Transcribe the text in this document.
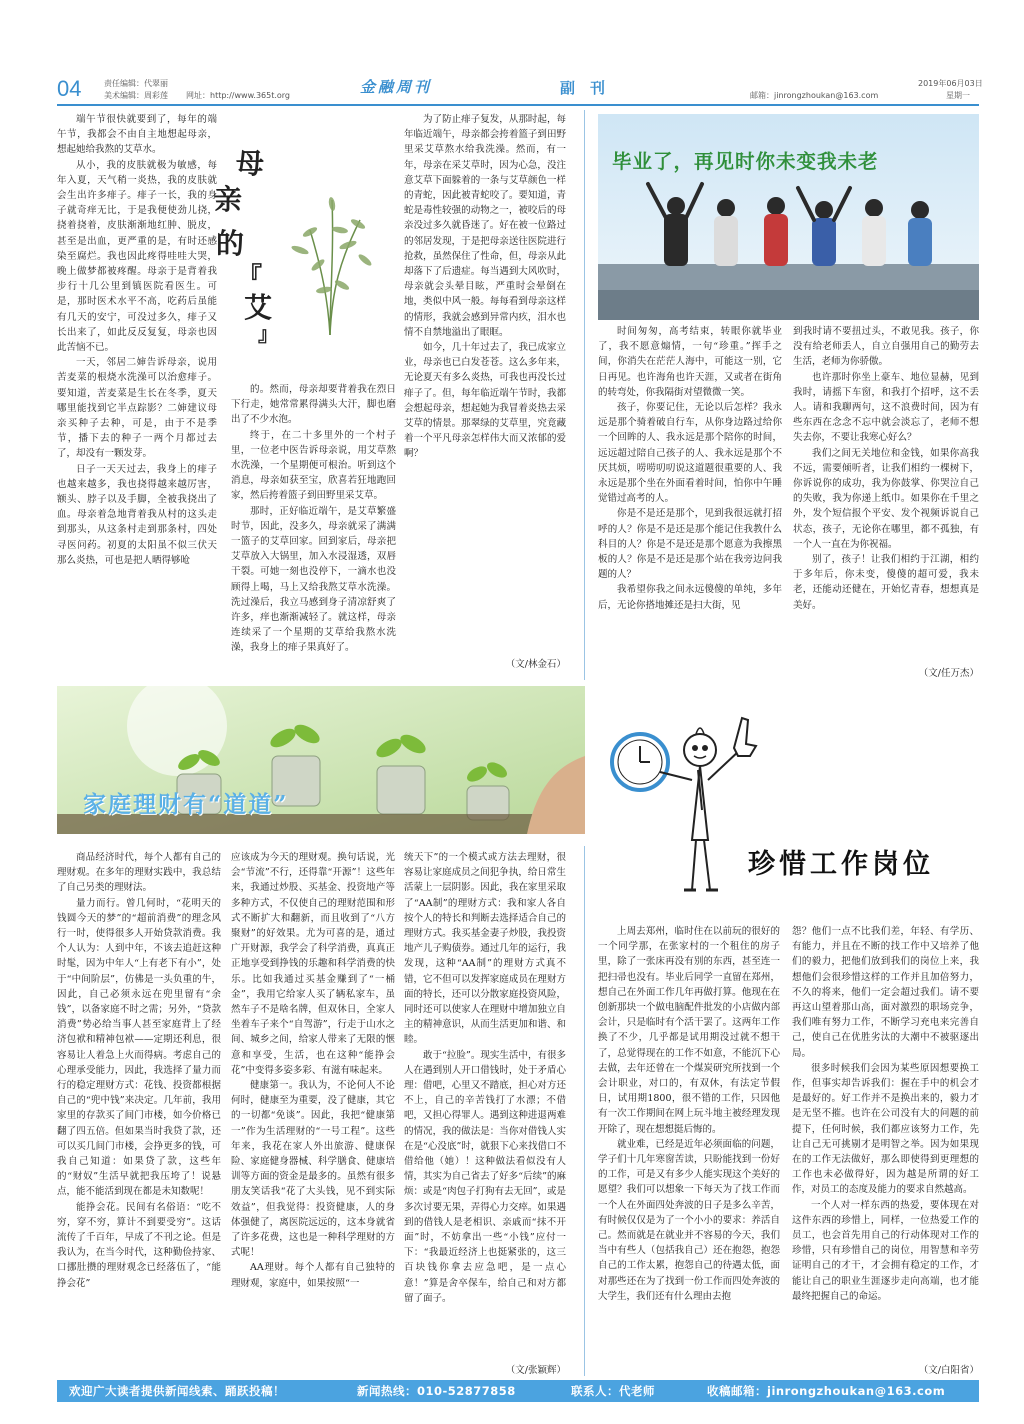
04	责任编辑：代翠丽
美术编辑：周彩莲 网址：http://www.365t.org	金融周刊	副　刊	邮箱：jinrongzhoukan@163.com
2019年06月03日
星期一
母
亲
的
『
艾
』

端午节很快就要到了，每年的端午节，我都会不由自主地想起母亲，想起她给我熬的艾草水。

从小，我的皮肤就极为敏感，每年入夏，天气稍一炎热，我的皮肤就会生出许多痱子。痱子一长，我的身子就奇痒无比，于是我便使劲儿挠，挠着挠着，皮肤渐渐地红肿、脱皮，甚至是出血，更严重的是，有时还感染至腐烂。我也因此疼得哇哇大哭，晚上做梦都被疼醒。母亲于是背着我步行十几公里到镇医院看医生。可是，那时医术水平不高，吃药后虽能有几天的安宁，可没过多久，痱子又长出来了，如此反反复复，母亲也因此苦恼不已。

一天，邻居二婶告诉母亲，说用苦麦菜的根烧水洗澡可以治愈痱子。要知道，苦麦菜是生长在冬季，夏天哪里能找到它半点踪影？二婶建议母亲买种子去种，可是，由于不是季节，播下去的种子一两个月都过去了，却没有一颗发芽。

日子一天天过去，我身上的痱子也越来越多，我也挠得越来越厉害，额头、脖子以及手脚，全被我挠出了血。母亲着急地背着我从村的这头走到那头，从这条村走到那条村，四处寻医问药。初夏的太阳虽不似三伏天那么炎热，可也是把人晒得够呛

的。然而，母亲却要背着我在烈日下行走，她常常累得满头大汗，脚也磨出了不少水泡。

终于，在二十多里外的一个村子里，一位老中医告诉母亲说，用艾草熬水洗澡，一个星期便可根治。听到这个消息，母亲如获至宝，欣喜若狂地跑回家，然后挎着篮子到田野里采艾草。

那时，正好临近端午，是艾草繁盛时节，因此，没多久，母亲就采了满满一篮子的艾草回家。回到家后，母亲把艾草放入大锅里，加入水浸湿透，双唇干裂。可她一刻也没停下，一滴水也没顾得上喝，马上又给我熬艾草水洗澡。洗过澡后，我立马感到身子清凉舒爽了许多，痒也渐渐减轻了。就这样，母亲连续采了一个星期的艾草给我熬水洗澡，我身上的痱子果真好了。

为了防止痱子复发，从那时起，每年临近端午，母亲都会挎着篮子到田野里采艾草熬水给我洗澡。然而，有一年，母亲在采艾草时，因为心急，没注意艾草下面躲着的一条与艾草颜色一样的青蛇，因此被青蛇咬了。要知道，青蛇是毒性较强的动物之一，被咬后的母亲没过多久就昏迷了。好在被一位路过的邻居发现，于是把母亲送往医院进行抢救，虽然保住了性命，但，母亲从此却落下了后遗症。每当遇到大风吹时，母亲就会头晕目眩，严重时会晕倒在地，类似中风一般。每每看到母亲这样的情形，我就会感到异常内疚，泪水也情不自禁地溢出了眼眶。

如今，几十年过去了，我已成家立业，母亲也已白发苍苍。这么多年来，无论夏天有多么炎热，可我也再没长过痱子了。但，每年临近端午节时，我都会想起母亲，想起她为我冒着炎热去采艾草的情景。那翠绿的艾草里，究竟藏着一个平凡母亲怎样伟大而又浓郁的爱啊？

（文/林金石）
毕业了，再见时你未变我未老

时间匆匆，高考结束，转眼你就毕业了，我不愿意煽情，一句“珍重。”挥手之间，你消失在茫茫人海中，可能这一别，它日再见。也许海角也许天涯，又或者在街角的转弯处，你我隔街对望微微一笑。

孩子，你要记住，无论以后怎样？我永远是那个骑着破自行车，从你身边路过给你一个回眸的人、我永远是那个陪你的时间，远远超过陪自己孩子的人、我永远是那个不厌其烦，唠唠叨叨说这道题很重要的人、我永远是那个坐在外面看着时间，怕你中午睡觉错过高考的人。

你是不是还是那个，见到我很远就打招呼的人？你是不是还是那个能记住我教什么科目的人？你是不是还是那个愿意为我擦黑板的人？你是不是还是那个站在我旁边问我题的人？

我希望你我之间永远傻傻的单纯，多年后，无论你搭地摊还是扫大街，见

到我时请不要扭过头，不敢见我。孩子，你没有给老师丢人，自立自强用自己的勤劳去生活，老师为你骄傲。

也许那时你坐上豪车、地位显赫，见到我时，请摇下车窗，和我打个招呼，这不丢人。请和我聊两句，这不浪费时间，因为有些东西在念念不忘中就会淡忘了，老师不想失去你，不要让我寒心好么？

我们之间无关地位和金钱，如果你高我不远，需要倾听者，让我们相约一棵树下，你诉说你的成功，我为你鼓掌、你哭泣自己的失败，我为你递上纸巾。如果你在千里之外，发个短信报个平安、发个视频诉说自己状态，孩子，无论你在哪里，都不孤独，有一个人一直在为你祝福。

别了，孩子！让我们相约于江湖，相约于多年后，你未变，傻傻的超可爱，我未老，还能动还健在，开始忆青春，想想真是美好。

（文/任万杰）
家庭理财有“道道”

商品经济时代，每个人都有自己的理财观。在多年的理财实践中，我总结了自己另类的理财法。

量力而行。曾几何时，“花明天的钱圆今天的梦”的“超前消费”的理念风行一时，使得很多人开始贷款消费。我个人认为：人到中年，不该去追赶这种时髦，因为中年人“上有老下有小”，处于“中间阶层”，仿佛是一头负重的牛，因此，自己必须永远在兜里留有“余钱”，以备家庭不时之需；另外，“贷款消费”势必给当事人甚至家庭背上了经济包袱和精神包袱——定期还利息，很容易让人着急上火而得病。考虑自己的心理承受能力，因此，我选择了量力而行的稳定理财方式：花钱、投资都根据自己的“兜中钱”来决定。几年前，我用家里的存款买了间门市楼，如今价格已翻了四五倍。但如果当时我贷了款，还可以买几间门市楼，会挣更多的钱，可我自己知道：如果贷了款，这些年的“财奴”生活早就把我压垮了！说悬点，能不能活到现在都是未知数呢！

能挣会花。民间有名俗语：“吃不穷，穿不穷，算计不到要受穷”。这话流传了千百年，早成了不刊之论。但是我认为，在当今时代，这种勤俭持家、口挪肚攒的理财观念已经落伍了，“能挣会花”

应该成为今天的理财观。换句话说，光会“节流”不行，还得靠“开源”！这些年来，我通过炒股、买基金、投资地产等多种方式，不仅使自己的理财范围和形式不断扩大和翻新，而且收到了“八方聚财”的好效果。尤为可喜的是，通过广开财源，我学会了科学消费，真真正正地享受到挣钱的乐趣和科学消费的快乐。比如我通过买基金赚到了“一桶金”，我用它给家人买了辆私家车，虽然车子不是啥名牌，但双休日，全家人坐着车子来个“自驾游”，行走于山水之间、城乡之间，给家人带来了无限的惬意和享受，生活，也在这种“能挣会花”中变得多姿多彩、有滋有味起来。

健康第一。我认为，不论何人不论何时，健康至为重要，没了健康，其它的一切都“免谈”。因此，我把“健康第一”作为生活理财的“一号工程”。这些年来，我花在家人外出旅游、健康保险、家庭健身器械、科学膳食、健康培训等方面的资金是最多的。虽然有很多朋友笑话我“花了大头钱，见不到实际效益”，但我觉得：投资健康，人的身体强健了，离医院远远的，这本身就省了许多花费，这也是一种科学理财的方式呢！

AA理财。每个人都有自己独特的理财观，家庭中，如果按照“一

统天下”的一个模式或方法去理财，很容易让家庭成员之间犯争执，给日常生活蒙上一层阴影。因此，我在家里采取了“AA制”的理财方式：我和家人各自按个人的特长和判断去选择适合自己的理财方式。我买基金妻子炒股，我投资地产儿子购债券。通过几年的运行，我发现，这种“AA制”的理财方式真不错，它不但可以发挥家庭成员在理财方面的特长，还可以分散家庭投资风险，同时还可以使家人在理财中增加独立自主的精神意识，从而生活更加和谐、和睦。

敢于“拉脸”。现实生活中，有很多人在遇到别人开口借钱时，处于矛盾心理：借吧，心里又不踏底，担心对方还不上，自己的辛苦钱打了水漂；不借吧，又担心得罪人。遇到这种进退两难的情况，我的做法是：当你对借钱人实在是“心没底”时，就狠下心来找借口不借给他（她）！这种做法看似没有人情，其实为自己省去了好多“后续”的麻烦：或是“肉包子打狗有去无回”，或是多次讨要无果，弄得心力交瘁。如果遇到的借钱人是老相识、亲戚而“抹不开面”时，不妨拿出一些“小钱”应付一下：“我最近经济上也挺紧张的，这三百块钱你拿去应急吧，是一点心意！”算是舍卒保车，给自己和对方都留了面子。

（文/张颖辉）
珍惜工作岗位

上周去郑州，临时住在以前玩的很好的一个同学那，在张家村的一个租住的房子里，除了一张床再没有别的东西，甚至连一把扫帚也没有。毕业后同学一直留在郑州，想自己在外面工作几年再做打算。他现在在创新那块一个做电脑配件批发的小店做内部会计，只是临时有个活干罢了。这两年工作换了不少，几乎都是试用期没过就不想干了，总觉得现在的工作不如意，不能沉下心去做，去年还曾在一个煤炭研究所找到一个会计职业，对口的，有双休，有法定节假日，试用期1800，很不错的工作，只因他有一次工作期间在网上玩斗地主被经理发现开除了，现在想想挺后悔的。

就业难，已经是近年必须面临的问题，学子们十几年寒窗苦读，只盼能找到一份好的工作，可是又有多少人能实现这个美好的愿望？我们可以想象一下每天为了找工作而一个人在外面四处奔波的日子是多么辛苦，有时候仅仅是为了一个小小的要求：养活自己。然而就是在就业并不容易的今天，我们当中有些人（包括我自己）还在抱怨，抱怨自己的工作太累，抱怨自己的待遇太低，面对那些还在为了找到一份工作而四处奔波的大学生，我们还有什么理由去抱

怨？他们一点不比我们差，年轻、有学历、有能力，并且在不断的找工作中又培养了他们的毅力，把他们放到我们的岗位上来，我想他们会很珍惜这样的工作并且加倍努力，不久的将来，他们一定会超过我们。请不要再这山望着那山高，面对激烈的职场竞争，我们唯有努力工作，不断学习充电来完善自己，使自己在优胜劣汰的大潮中不被驱逐出局。

很多时候我们会因为某些原因想要换工作，但事实却告诉我们：握在手中的机会才是最好的。好工作并不是换出来的，毅力才是无坚不摧。也许在公司没有大的问题的前提下，任何时候，我们都应该努力工作，先让自己无可挑剔才是明智之举。因为如果现在的工作无法做好，那么即使得到更理想的工作也未必做得好，因为越是所谓的好工作，对员工的态度及能力的要求自然越高。

一个人对一样东西的热爱，要体现在对这件东西的珍惜上，同样，一位热爱工作的员工，也会首先用自己的行动体现对工作的珍惜，只有珍惜自己的岗位，用智慧和辛劳证明自己的才干，才会拥有稳定的工作，才能让自己的职业生涯逐步走向高端，也才能最终把握自己的命运。

（文/白阳省）
欢迎广大读者提供新闻线索、踊跃投稿！	新闻热线：010-52877858	联系人：代老师	收稿邮箱：jinrongzhoukan@163.com
